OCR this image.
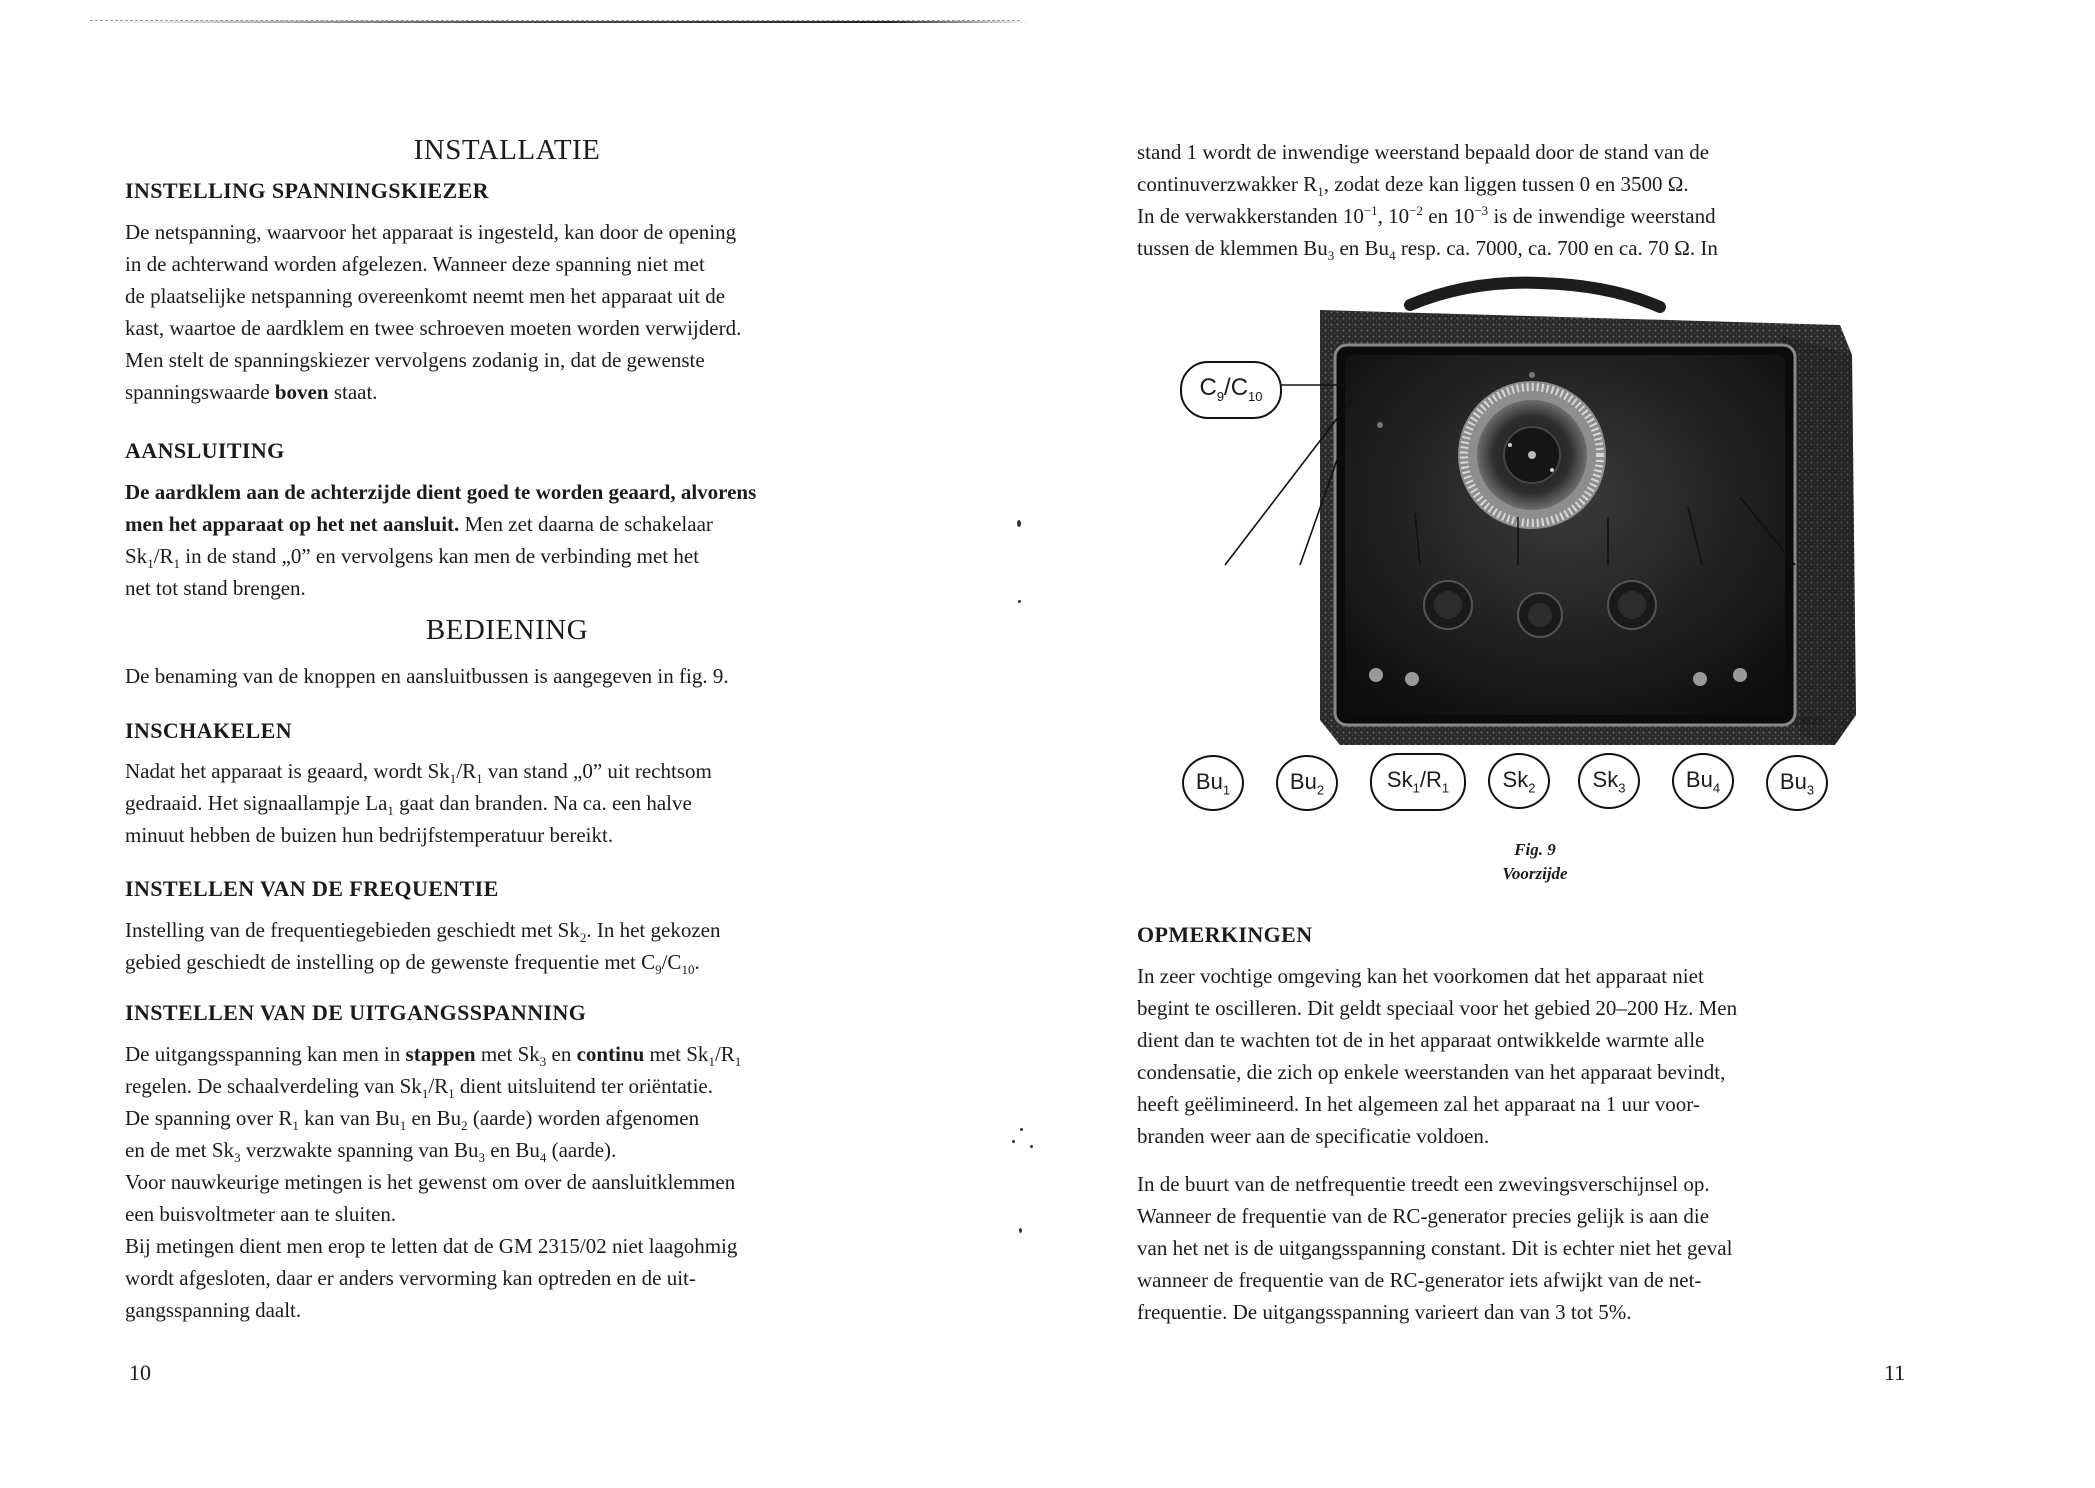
INSTALLATIE
INSTELLING SPANNINGSKIEZER
De netspanning, waarvoor het apparaat is ingesteld, kan door de opening
in de achterwand worden afgelezen. Wanneer deze spanning niet met
de plaatselijke netspanning overeenkomt neemt men het apparaat uit de
kast, waartoe de aardklem en twee schroeven moeten worden verwijderd.
Men stelt de spanningskiezer vervolgens zodanig in, dat de gewenste
spanningswaarde boven staat.
AANSLUITING
De aardklem aan de achterzijde dient goed te worden geaard, alvorens
men het apparaat op het net aansluit. Men zet daarna de schakelaar
$Sk_1/R_1$ in de stand „0” en vervolgens kan men de verbinding met het
net tot stand brengen.
BEDIENING
De benaming van de knoppen en aansluitbussen is aangegeven in fig. 9.
INSCHAKELEN
Nadat het apparaat is geaard, wordt $Sk_1/R_1$ van stand „0” uit rechtsom
gedraaid. Het signaallampje $La_1$ gaat dan branden. Na ca. een halve
minuut hebben de buizen hun bedrijfstemperatuur bereikt.
INSTELLEN VAN DE FREQUENTIE
Instelling van de frequentiegebieden geschiedt met $Sk_2$. In het gekozen
gebied geschiedt de instelling op de gewenste frequentie met $C_9/C_{10}$.
INSTELLEN VAN DE UITGANGSSPANNING
De uitgangsspanning kan men in stappen met $Sk_3$ en continu met $Sk_1/R_1$
regelen. De schaalverdeling van $Sk_1/R_1$ dient uitsluitend ter oriëntatie.
De spanning over $R_1$ kan van $Bu_1$ en $Bu_2$ (aarde) worden afgenomen
en de met $Sk_3$ verzwakte spanning van $Bu_3$ en $Bu_4$ (aarde).
Voor nauwkeurige metingen is het gewenst om over de aansluitklemmen
een buisvoltmeter aan te sluiten.
Bij metingen dient men erop te letten dat de GM 2315/02 niet laagohmig
wordt afgesloten, daar er anders vervorming kan optreden en de uit-
gangsspanning daalt.
10
stand 1 wordt de inwendige weerstand bepaald door de stand van de
continuverzwakker $R_1$, zodat deze kan liggen tussen 0 en 3500 Ω.
In de verwakkerstanden $10^{-1}$, $10^{-2}$ en $10^{-3}$ is de inwendige weerstand
tussen de klemmen $Bu_3$ en $Bu_4$ resp. ca. 7000, ca. 700 en ca. 70 Ω. In
OPMERKINGEN
In zeer vochtige omgeving kan het voorkomen dat het apparaat niet
begint te oscilleren. Dit geldt speciaal voor het gebied 20–200 Hz. Men
dient dan te wachten tot de in het apparaat ontwikkelde warmte alle
condensatie, die zich op enkele weerstanden van het apparaat bevindt,
heeft geëlimineerd. In het algemeen zal het apparaat na 1 uur voor-
branden weer aan de specificatie voldoen.
In de buurt van de netfrequentie treedt een zwevingsverschijnsel op.
Wanneer de frequentie van de RC-generator precies gelijk is aan die
van het net is de uitgangsspanning constant. Dit is echter niet het geval
wanneer de frequentie van de RC-generator iets afwijkt van de net-
frequentie. De uitgangsspanning varieert dan van 3 tot 5%.
11
79529
$C_9/C_{10}$
$Bu_1$	$Bu_2$	$Sk_1/R_1$	$Sk_2$	$Sk_3$	$Bu_4$	$Bu_3$
Fig. 9
Voorzijde
